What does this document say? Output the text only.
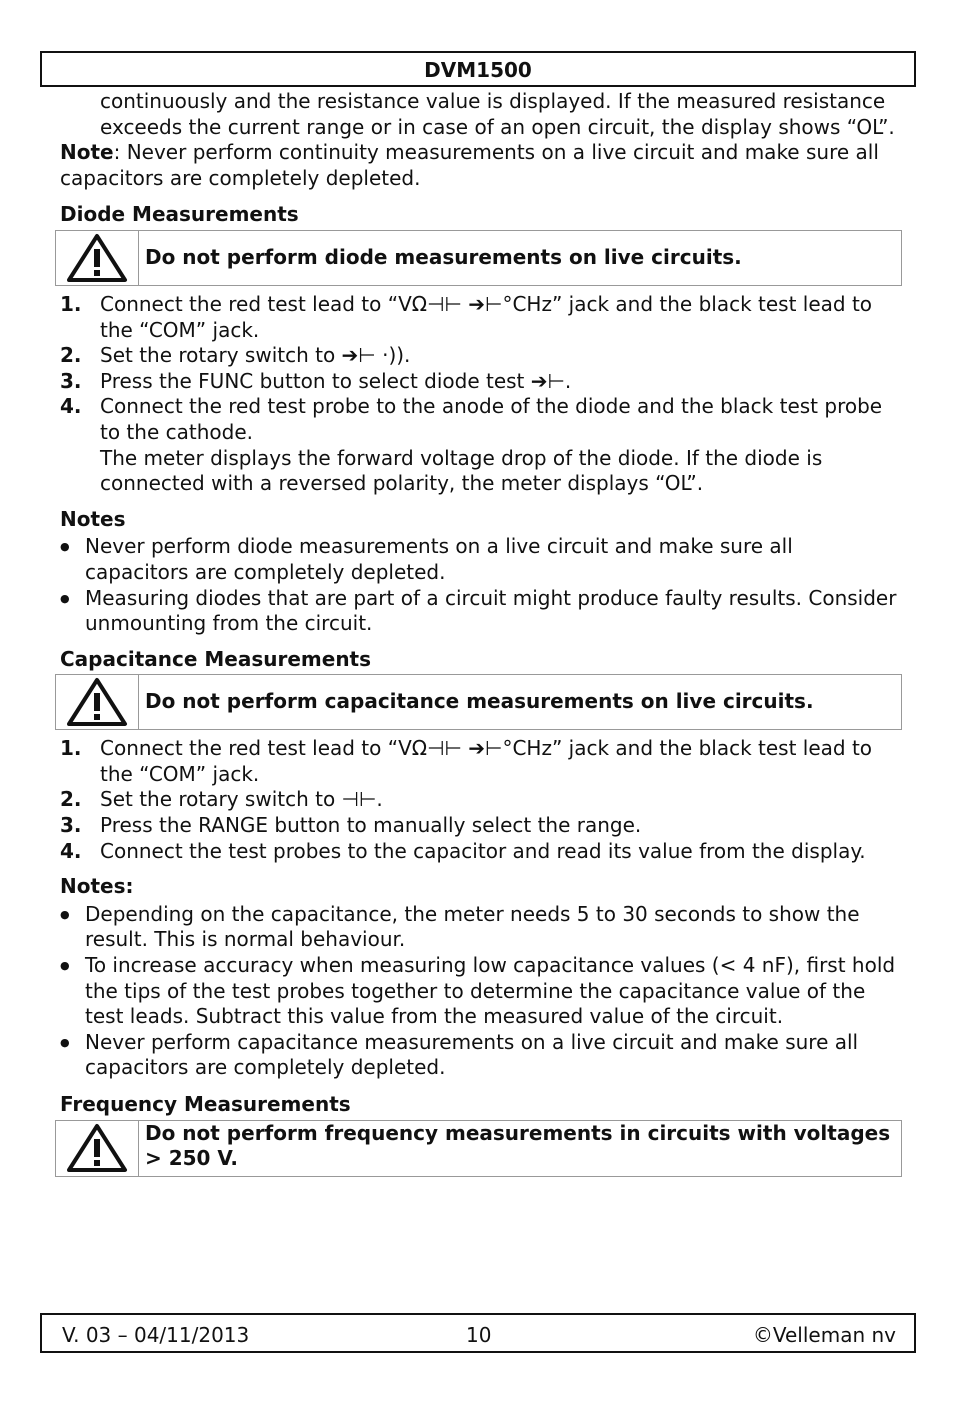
DVM1500

continuously and the resistance value is displayed. If the measured resistance exceeds the current range or in case of an open circuit, the display shows “OL”.

Note: Never perform continuity measurements on a live circuit and make sure all capacitors are completely depleted.

Diode Measurements
Do not perform diode measurements on live circuits.
1. Connect the red test lead to “VΩ⊣⊢ ➔⊢°CHz” jack and the black test lead to the “COM” jack.
2. Set the rotary switch to ➔⊢ ·)).
3. Press the FUNC button to select diode test ➔⊢.
4. Connect the red test probe to the anode of the diode and the black test probe to the cathode.
The meter displays the forward voltage drop of the diode. If the diode is connected with a reversed polarity, the meter displays “OL”.
Notes
● Never perform diode measurements on a live circuit and make sure all capacitors are completely depleted.
● Measuring diodes that are part of a circuit might produce faulty results. Consider unmounting from the circuit.
Capacitance Measurements
Do not perform capacitance measurements on live circuits.
1. Connect the red test lead to “VΩ⊣⊢ ➔⊢°CHz” jack and the black test lead to the “COM” jack.
2. Set the rotary switch to ⊣⊢.
3. Press the RANGE button to manually select the range.
4. Connect the test probes to the capacitor and read its value from the display.
Notes:
● Depending on the capacitance, the meter needs 5 to 30 seconds to show the result. This is normal behaviour.
● To increase accuracy when measuring low capacitance values (< 4 nF), first hold the tips of the test probes together to determine the capacitance value of the test leads. Subtract this value from the measured value of the circuit.
● Never perform capacitance measurements on a live circuit and make sure all capacitors are completely depleted.
Frequency Measurements
Do not perform frequency measurements in circuits with voltages > 250 V.
V. 03 – 04/11/2013	10	©Velleman nv
